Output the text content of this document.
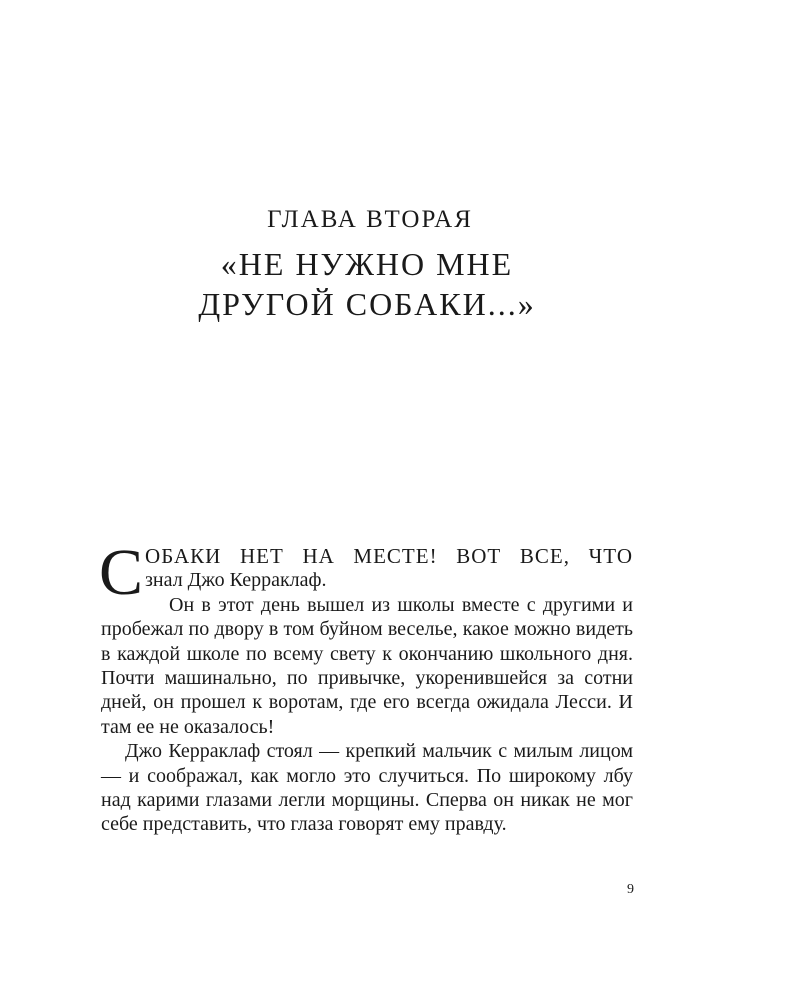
ГЛАВА ВТОРАЯ
«НЕ НУЖНО МНЕ
ДРУГОЙ СОБАКИ...»

С ОБАКИ НЕТ НА МЕСТЕ! ВОТ ВСЕ, ЧТО
знал Джо Керраклаф.

Он в этот день вышел из школы вместе с другими и пробежал по двору в том буйном веселье, какое можно видеть в каждой школе по всему свету к окончанию школьного дня. Почти машинально, по привычке, укоренившейся за сотни дней, он прошел к воротам, где его всегда ожидала Лесси. И там ее не оказалось!

Джо Керраклаф стоял — крепкий мальчик с милым лицом — и соображал, как могло это случиться. По широкому лбу над карими глазами легли морщины. Сперва он никак не мог себе представить, что глаза говорят ему правду.

9
